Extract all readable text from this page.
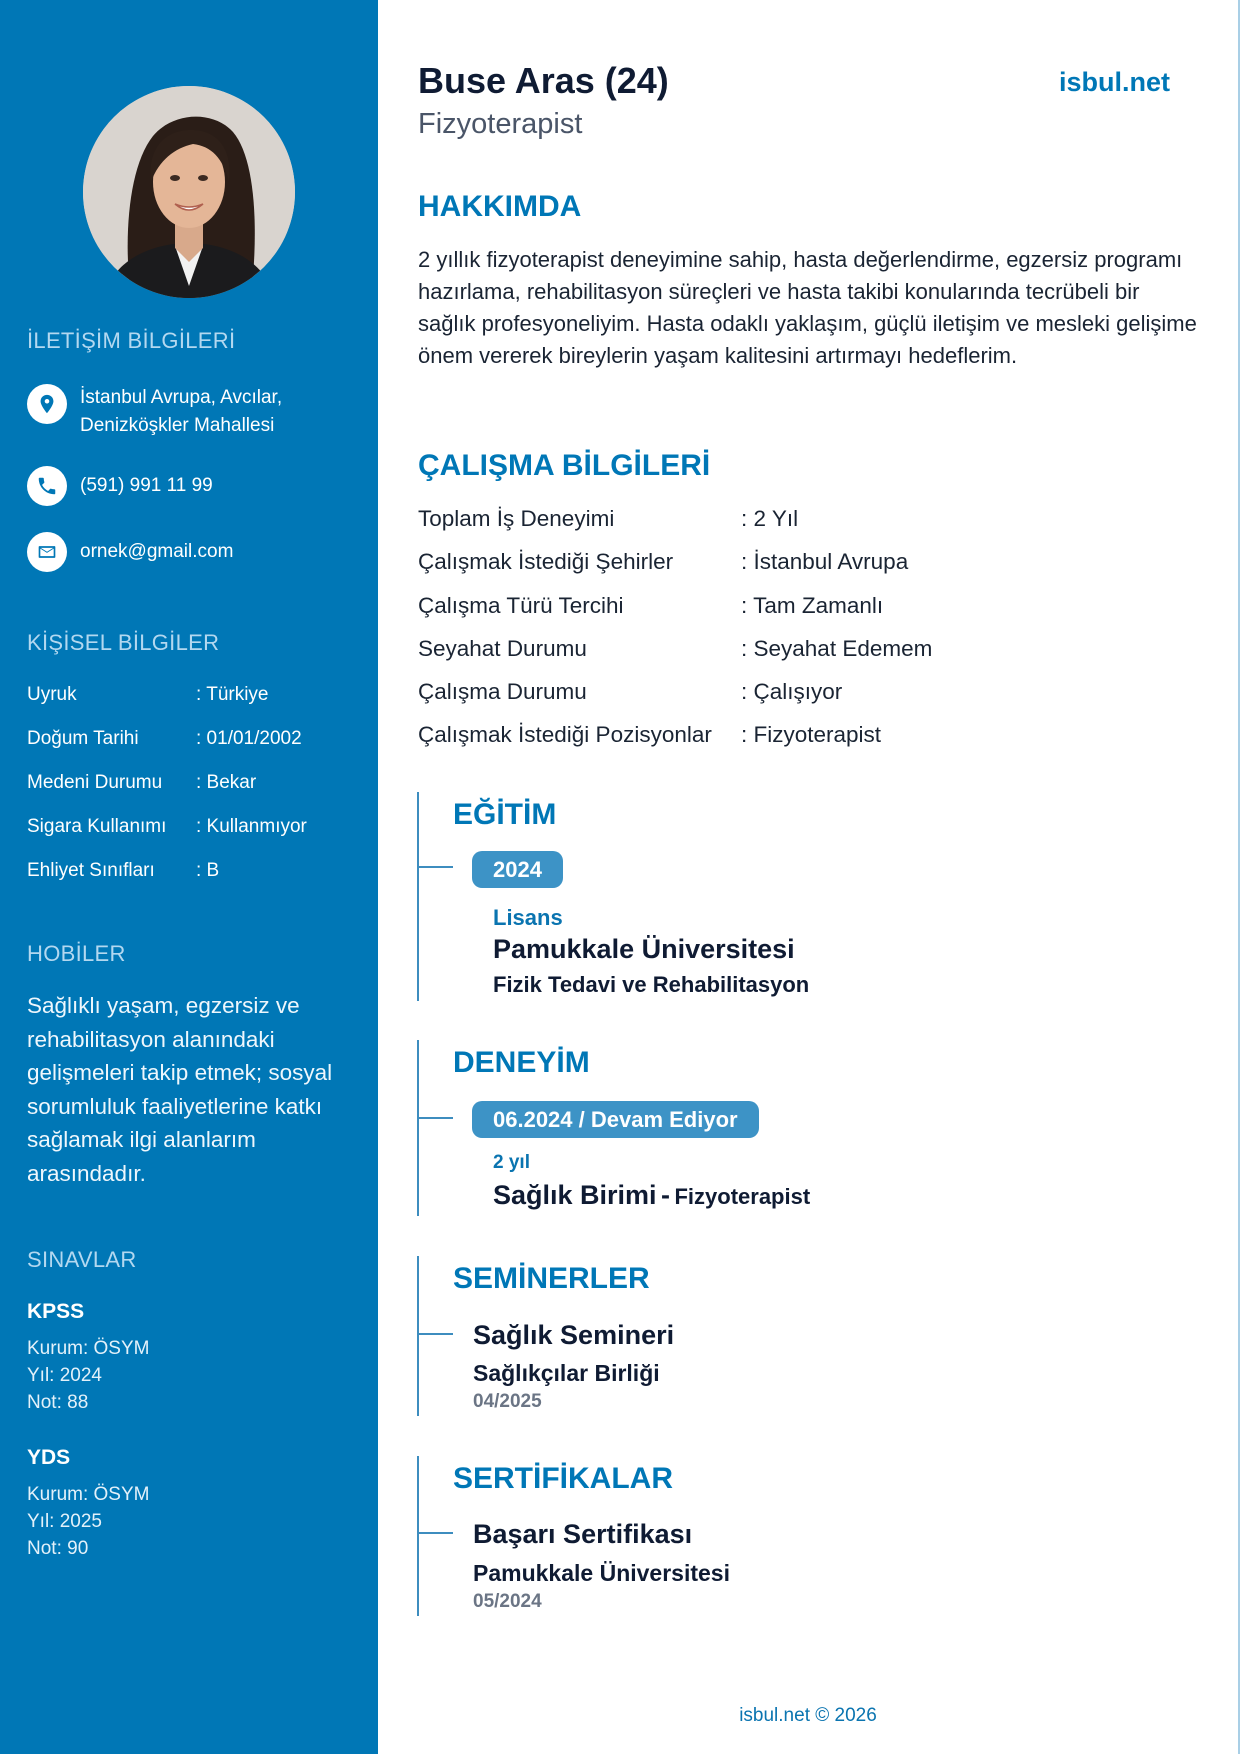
İLETİŞİM BİLGİLERİ
İstanbul Avrupa, Avcılar,
Denizköşkler Mahallesi
(591) 991 11 99
ornek@gmail.com
KİŞİSEL BİLGİLER
Uyruk	: Türkiye
Doğum Tarihi	: 01/01/2002
Medeni Durumu	: Bekar
Sigara Kullanımı	: Kullanmıyor
Ehliyet Sınıfları	: B
HOBİLER
Sağlıklı yaşam, egzersiz ve rehabilitasyon alanındaki gelişmeleri takip etmek; sosyal sorumluluk faaliyetlerine katkı sağlamak ilgi alanlarım arasındadır.
SINAVLAR
KPSS
Kurum: ÖSYM
Yıl: 2024
Not: 88
YDS
Kurum: ÖSYM
Yıl: 2025
Not: 90
Buse Aras (24)
Fizyoterapist
isbul.net
HAKKIMDA
2 yıllık fizyoterapist deneyimine sahip, hasta değerlendirme, egzersiz programı hazırlama, rehabilitasyon süreçleri ve hasta takibi konularında tecrübeli bir sağlık profesyoneliyim. Hasta odaklı yaklaşım, güçlü iletişim ve mesleki gelişime önem vererek bireylerin yaşam kalitesini artırmayı hedeflerim.
ÇALIŞMA BİLGİLERİ
Toplam İş Deneyimi	: 2 Yıl
Çalışmak İstediği Şehirler	: İstanbul Avrupa
Çalışma Türü Tercihi	: Tam Zamanlı
Seyahat Durumu	: Seyahat Edemem
Çalışma Durumu	: Çalışıyor
Çalışmak İstediği Pozisyonlar	: Fizyoterapist
EĞİTİM
2024
Lisans
Pamukkale Üniversitesi
Fizik Tedavi ve Rehabilitasyon
DENEYİM
06.2024 / Devam Ediyor
2 yıl
Sağlık Birimi - Fizyoterapist
SEMİNERLER
Sağlık Semineri
Sağlıkçılar Birliği
04/2025
SERTİFİKALAR
Başarı Sertifikası
Pamukkale Üniversitesi
05/2024
isbul.net © 2026
